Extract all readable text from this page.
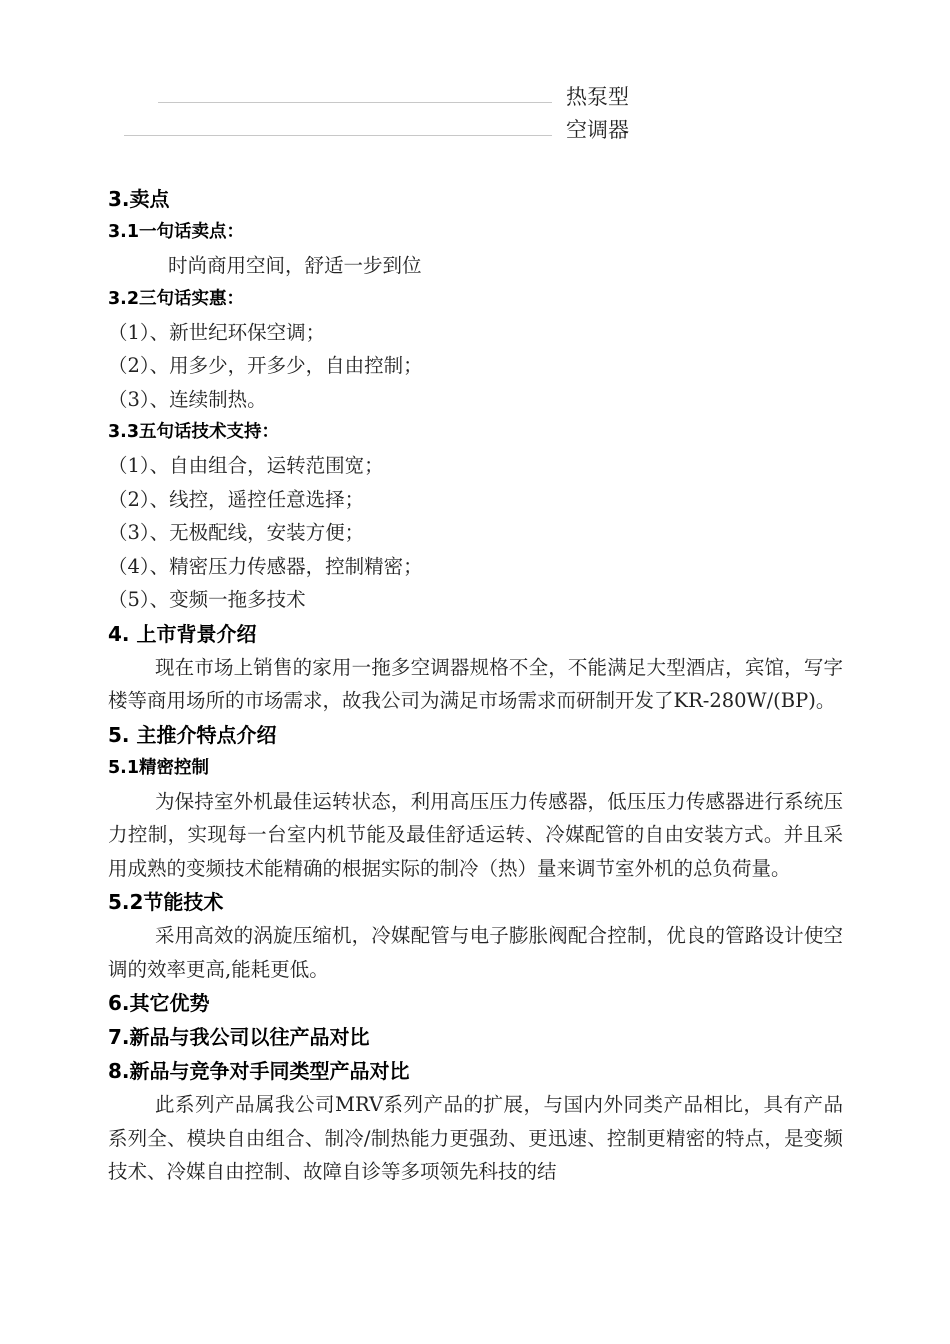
热泵型
空调器
3.卖点
3.1一句话卖点：
时尚商用空间，舒适一步到位
3.2三句话实惠：
（1）、新世纪环保空调；
（2）、用多少，开多少，自由控制；
（3）、连续制热。
3.3五句话技术支持：
（1）、自由组合，运转范围宽；
（2）、线控，遥控任意选择；
（3）、无极配线，安装方便；
（4）、精密压力传感器，控制精密；
（5）、变频一拖多技术
4. 上市背景介绍
现在市场上销售的家用一拖多空调器规格不全，不能满足大型酒店，宾馆，写字楼等商用场所的市场需求，故我公司为满足市场需求而研制开发了KR-280W/(BP)。
5. 主推介特点介绍
5.1精密控制
为保持室外机最佳运转状态，利用高压压力传感器，低压压力传感器进行系统压力控制，实现每一台室内机节能及最佳舒适运转、冷媒配管的自由安装方式。并且采用成熟的变频技术能精确的根据实际的制冷（热）量来调节室外机的总负荷量。
5.2节能技术
采用高效的涡旋压缩机，冷媒配管与电子膨胀阀配合控制，优良的管路设计使空调的效率更高,能耗更低。
6.其它优势
7.新品与我公司以往产品对比
8.新品与竞争对手同类型产品对比
此系列产品属我公司MRV系列产品的扩展，与国内外同类产品相比，具有产品系列全、模块自由组合、制冷/制热能力更强劲、更迅速、控制更精密的特点，是变频技术、冷媒自由控制、故障自诊等多项领先科技的结
